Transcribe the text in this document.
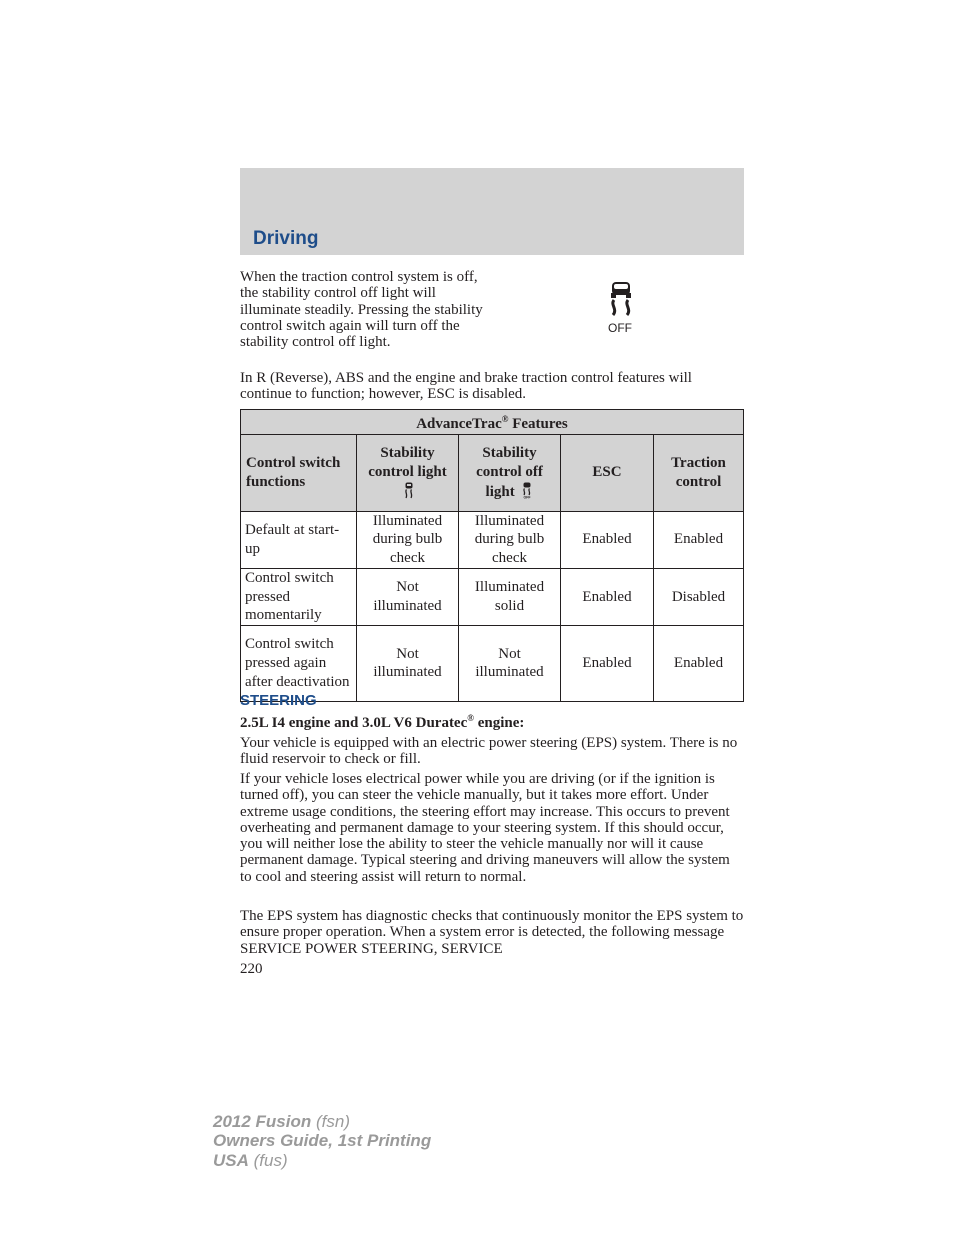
Driving

When the traction control system is off, the stability control off light will illuminate steadily. Pressing the stability control switch again will turn off the stability control off light.

OFF

In R (Reverse), ABS and the engine and brake traction control features will continue to function; however, ESC is disabled.

AdvanceTrac® Features				
Control switch functions	Stability control light	Stability control off light OFF	ESC	Traction control
Default at start-up	Illuminated during bulb check	Illuminated during bulb check	Enabled	Enabled
Control switch pressed momentarily	Not illuminated	Illuminated solid	Enabled	Disabled
Control switch pressed again after deactivation	Not illuminated	Not illuminated	Enabled	Enabled
STEERING
2.5L I4 engine and 3.0L V6 Duratec® engine:

Your vehicle is equipped with an electric power steering (EPS) system. There is no fluid reservoir to check or fill.

If your vehicle loses electrical power while you are driving (or if the ignition is turned off), you can steer the vehicle manually, but it takes more effort. Under extreme usage conditions, the steering effort may increase. This occurs to prevent overheating and permanent damage to your steering system. If this should occur, you will neither lose the ability to steer the vehicle manually nor will it cause permanent damage. Typical steering and driving maneuvers will allow the system to cool and steering assist will return to normal.

The EPS system has diagnostic checks that continuously monitor the EPS system to ensure proper operation. When a system error is detected, the following message SERVICE POWER STEERING, SERVICE

220
2012 Fusion (fsn)
Owners Guide, 1st Printing
USA (fus)
